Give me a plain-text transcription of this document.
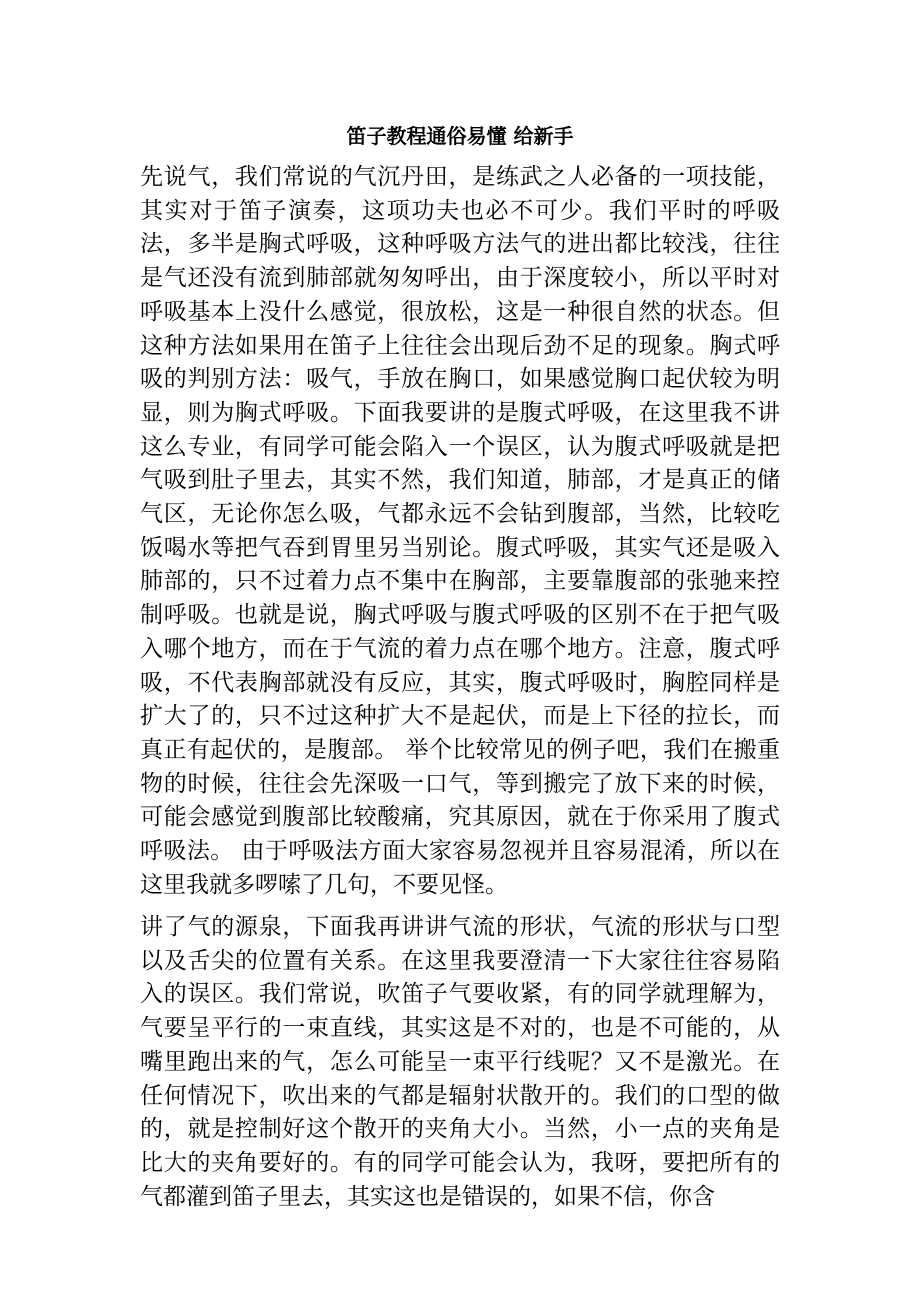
笛子教程通俗易懂 给新手

先说气，我们常说的气沉丹田，是练武之人必备的一项技能，其实对于笛子演奏，这项功夫也必不可少。我们平时的呼吸法，多半是胸式呼吸，这种呼吸方法气的进出都比较浅，往往是气还没有流到肺部就匆匆呼出，由于深度较小，所以平时对呼吸基本上没什么感觉，很放松，这是一种很自然的状态。但这种方法如果用在笛子上往往会出现后劲不足的现象。胸式呼吸的判别方法：吸气，手放在胸口，如果感觉胸口起伏较为明显，则为胸式呼吸。下面我要讲的是腹式呼吸，在这里我不讲这么专业，有同学可能会陷入一个误区，认为腹式呼吸就是把气吸到肚子里去，其实不然，我们知道，肺部，才是真正的储气区，无论你怎么吸，气都永远不会钻到腹部，当然，比较吃饭喝水等把气吞到胃里另当别论。腹式呼吸，其实气还是吸入肺部的，只不过着力点不集中在胸部，主要靠腹部的张驰来控制呼吸。也就是说，胸式呼吸与腹式呼吸的区别不在于把气吸入哪个地方，而在于气流的着力点在哪个地方。注意，腹式呼吸，不代表胸部就没有反应，其实，腹式呼吸时，胸腔同样是扩大了的，只不过这种扩大不是起伏，而是上下径的拉长，而真正有起伏的，是腹部。 举个比较常见的例子吧，我们在搬重物的时候，往往会先深吸一口气，等到搬完了放下来的时候，可能会感觉到腹部比较酸痛，究其原因，就在于你采用了腹式呼吸法。 由于呼吸法方面大家容易忽视并且容易混淆，所以在这里我就多啰嗦了几句，不要见怪。

讲了气的源泉，下面我再讲讲气流的形状，气流的形状与口型以及舌尖的位置有关系。在这里我要澄清一下大家往往容易陷入的误区。我们常说，吹笛子气要收紧，有的同学就理解为，气要呈平行的一束直线，其实这是不对的，也是不可能的，从嘴里跑出来的气，怎么可能呈一束平行线呢？又不是激光。在任何情况下，吹出来的气都是辐射状散开的。我们的口型的做的，就是控制好这个散开的夹角大小。当然，小一点的夹角是比大的夹角要好的。有的同学可能会认为，我呀，要把所有的气都灌到笛子里去，其实这也是错误的，如果不信，你含
